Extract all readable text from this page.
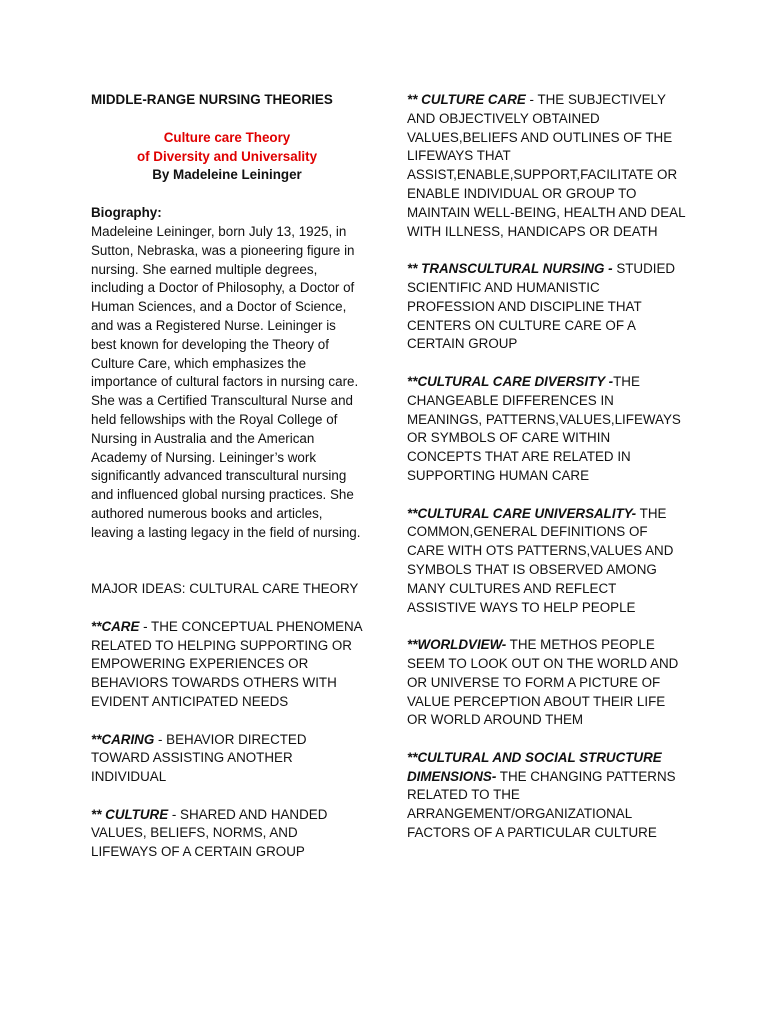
MIDDLE-RANGE NURSING THEORIES

Culture care Theory
of Diversity and Universality
By Madeleine Leininger
Biography:

Madeleine Leininger, born July 13, 1925, in Sutton, Nebraska, was a pioneering figure in nursing. She earned multiple degrees, including a Doctor of Philosophy, a Doctor of Human Sciences, and a Doctor of Science, and was a Registered Nurse. Leininger is best known for developing the Theory of Culture Care, which emphasizes the importance of cultural factors in nursing care. She was a Certified Transcultural Nurse and held fellowships with the Royal College of Nursing in Australia and the American Academy of Nursing. Leininger’s work significantly advanced transcultural nursing and influenced global nursing practices. She authored numerous books and articles, leaving a lasting legacy in the field of nursing.

MAJOR IDEAS: CULTURAL CARE THEORY

**CARE - THE CONCEPTUAL PHENOMENA RELATED TO HELPING SUPPORTING OR EMPOWERING EXPERIENCES OR BEHAVIORS TOWARDS OTHERS WITH EVIDENT ANTICIPATED NEEDS

**CARING - BEHAVIOR DIRECTED TOWARD ASSISTING ANOTHER INDIVIDUAL

** CULTURE - SHARED AND HANDED VALUES, BELIEFS, NORMS, AND LIFEWAYS OF A CERTAIN GROUP

** CULTURE CARE - THE SUBJECTIVELY AND OBJECTIVELY OBTAINED VALUES,BELIEFS AND OUTLINES OF THE LIFEWAYS THAT ASSIST,ENABLE,SUPPORT,FACILITATE OR ENABLE INDIVIDUAL OR GROUP TO MAINTAIN WELL-BEING, HEALTH AND DEAL WITH ILLNESS, HANDICAPS OR DEATH

** TRANSCULTURAL NURSING - STUDIED SCIENTIFIC AND HUMANISTIC PROFESSION AND DISCIPLINE THAT CENTERS ON CULTURE CARE OF A CERTAIN GROUP

**CULTURAL CARE DIVERSITY -THE CHANGEABLE DIFFERENCES IN MEANINGS, PATTERNS,VALUES,LIFEWAYS OR SYMBOLS OF CARE WITHIN CONCEPTS THAT ARE RELATED IN SUPPORTING HUMAN CARE

**CULTURAL CARE UNIVERSALITY- THE COMMON,GENERAL DEFINITIONS OF CARE WITH OTS PATTERNS,VALUES AND SYMBOLS THAT IS OBSERVED AMONG MANY CULTURES AND REFLECT ASSISTIVE WAYS TO HELP PEOPLE

**WORLDVIEW- THE METHOS PEOPLE SEEM TO LOOK OUT ON THE WORLD AND OR UNIVERSE TO FORM A PICTURE OF VALUE PERCEPTION ABOUT THEIR LIFE OR WORLD AROUND THEM

**CULTURAL AND SOCIAL STRUCTURE DIMENSIONS- THE CHANGING PATTERNS RELATED TO THE ARRANGEMENT/ORGANIZATIONAL FACTORS OF A PARTICULAR CULTURE
